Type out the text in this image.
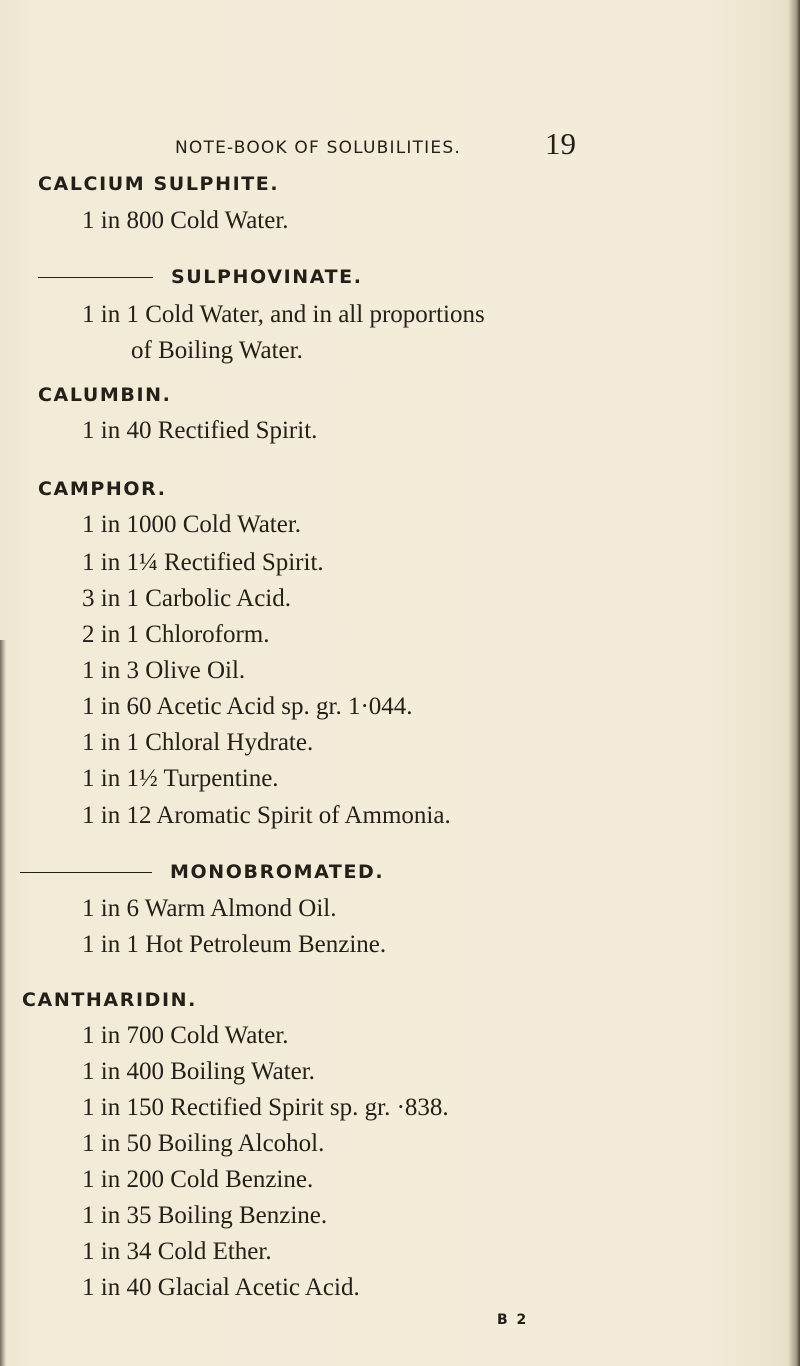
NOTE-BOOK OF SOLUBILITIES.	19
CALCIUM SULPHITE.
1 in 800 Cold Water.
SULPHOVINATE.
1 in 1 Cold Water, and in all proportions
of Boiling Water.
CALUMBIN.
1 in 40 Rectified Spirit.
CAMPHOR.
1 in 1000 Cold Water.
1 in 1¼ Rectified Spirit.
3 in 1 Carbolic Acid.
2 in 1 Chloroform.
1 in 3 Olive Oil.
1 in 60 Acetic Acid sp. gr. 1·044.
1 in 1 Chloral Hydrate.
1 in 1½ Turpentine.
1 in 12 Aromatic Spirit of Ammonia.
MONOBROMATED.
1 in 6 Warm Almond Oil.
1 in 1 Hot Petroleum Benzine.
CANTHARIDIN.
1 in 700 Cold Water.
1 in 400 Boiling Water.
1 in 150 Rectified Spirit sp. gr. ·838.
1 in 50 Boiling Alcohol.
1 in 200 Cold Benzine.
1 in 35 Boiling Benzine.
1 in 34 Cold Ether.
1 in 40 Glacial Acetic Acid.
B 2
